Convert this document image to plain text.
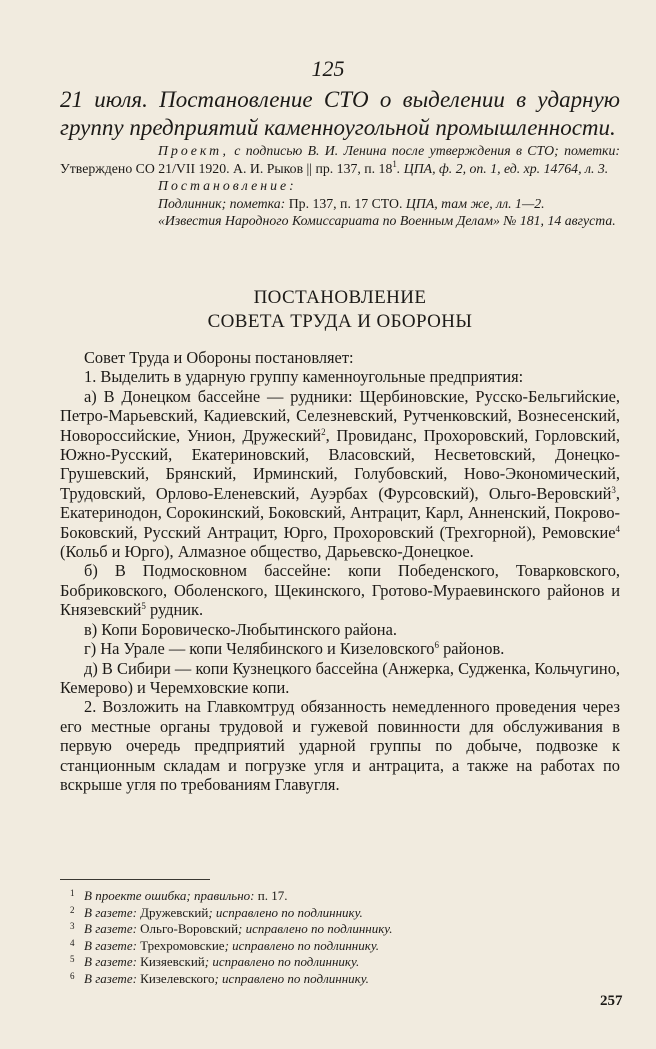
125
21 июля. Постановление СТО о выделении в ударную группу предприятий каменноугольной промышленности.

Проект, с подписью В. И. Ленина после утверждения в СТО; пометки: Утверждено СО 21/VII 1920. А. И. Рыков || пр. 137, п. $18^1$. ЦПА, ф. 2, оп. 1, ед. хр. 14764, л. 3.

Постановление:

Подлинник; пометка: Пр. 137, п. 17 СТО. ЦПА, там же, лл. 1—2.

«Известия Народного Комиссариата по Военным Делам» № 181, 14 августа.

ПОСТАНОВЛЕНИЕ
СОВЕТА ТРУДА И ОБОРОНЫ

Совет Труда и Обороны постановляет:

1. Выделить в ударную группу каменноугольные предприятия:

а) В Донецком бассейне — рудники: Щербиновские, Русско-Бельгийские, Петро-Марьевский, Кадиевский, Селезневский, Рутченковский, Вознесенский, Новороссийские, Унион, Дружеский$^2$, Провиданс, Прохоровский, Горловский, Южно-Русский, Екатериновский, Власовский, Несветовский, Донецко-Грушевский, Брянский, Ирминский, Голубовский, Ново-Экономический, Трудовский, Орлово-Еленевский, Ауэрбах (Фурсовский), Ольго-Веровский$^3$, Екатеринодон, Сорокинский, Боковский, Антрацит, Карл, Анненский, Покрово-Боковский, Русский Антрацит, Юрго, Прохоровский (Трехгорной), Ремовские$^4$ (Кольб и Юрго), Алмазное общество, Дарьевско-Донецкое.

б) В Подмосковном бассейне: копи Победенского, Товарковского, Бобриковского, Оболенского, Щекинского, Гротово-Мураевинского районов и Князевский$^5$ рудник.

в) Копи Боровическо-Любытинского района.

г) На Урале — копи Челябинского и Кизеловского$^6$ районов.

д) В Сибири — копи Кузнецкого бассейна (Анжерка, Судженка, Кольчугино, Кемерово) и Черемховские копи.

2. Возложить на Главкомтруд обязанность немедленного проведения через его местные органы трудовой и гужевой повинности для обслуживания в первую очередь предприятий ударной группы по добыче, подвозке к станционным складам и погрузке угля и антрацита, а также на работах по вскрыше угля по требованиям Главугля.

1 В проекте ошибка; правильно: п. 17.
2 В газете: Дружевский; исправлено по подлиннику.
3 В газете: Ольго-Воровский; исправлено по подлиннику.
4 В газете: Трехромовские; исправлено по подлиннику.
5 В газете: Кизяевский; исправлено по подлиннику.
6 В газете: Кизелевского; исправлено по подлиннику.
257
